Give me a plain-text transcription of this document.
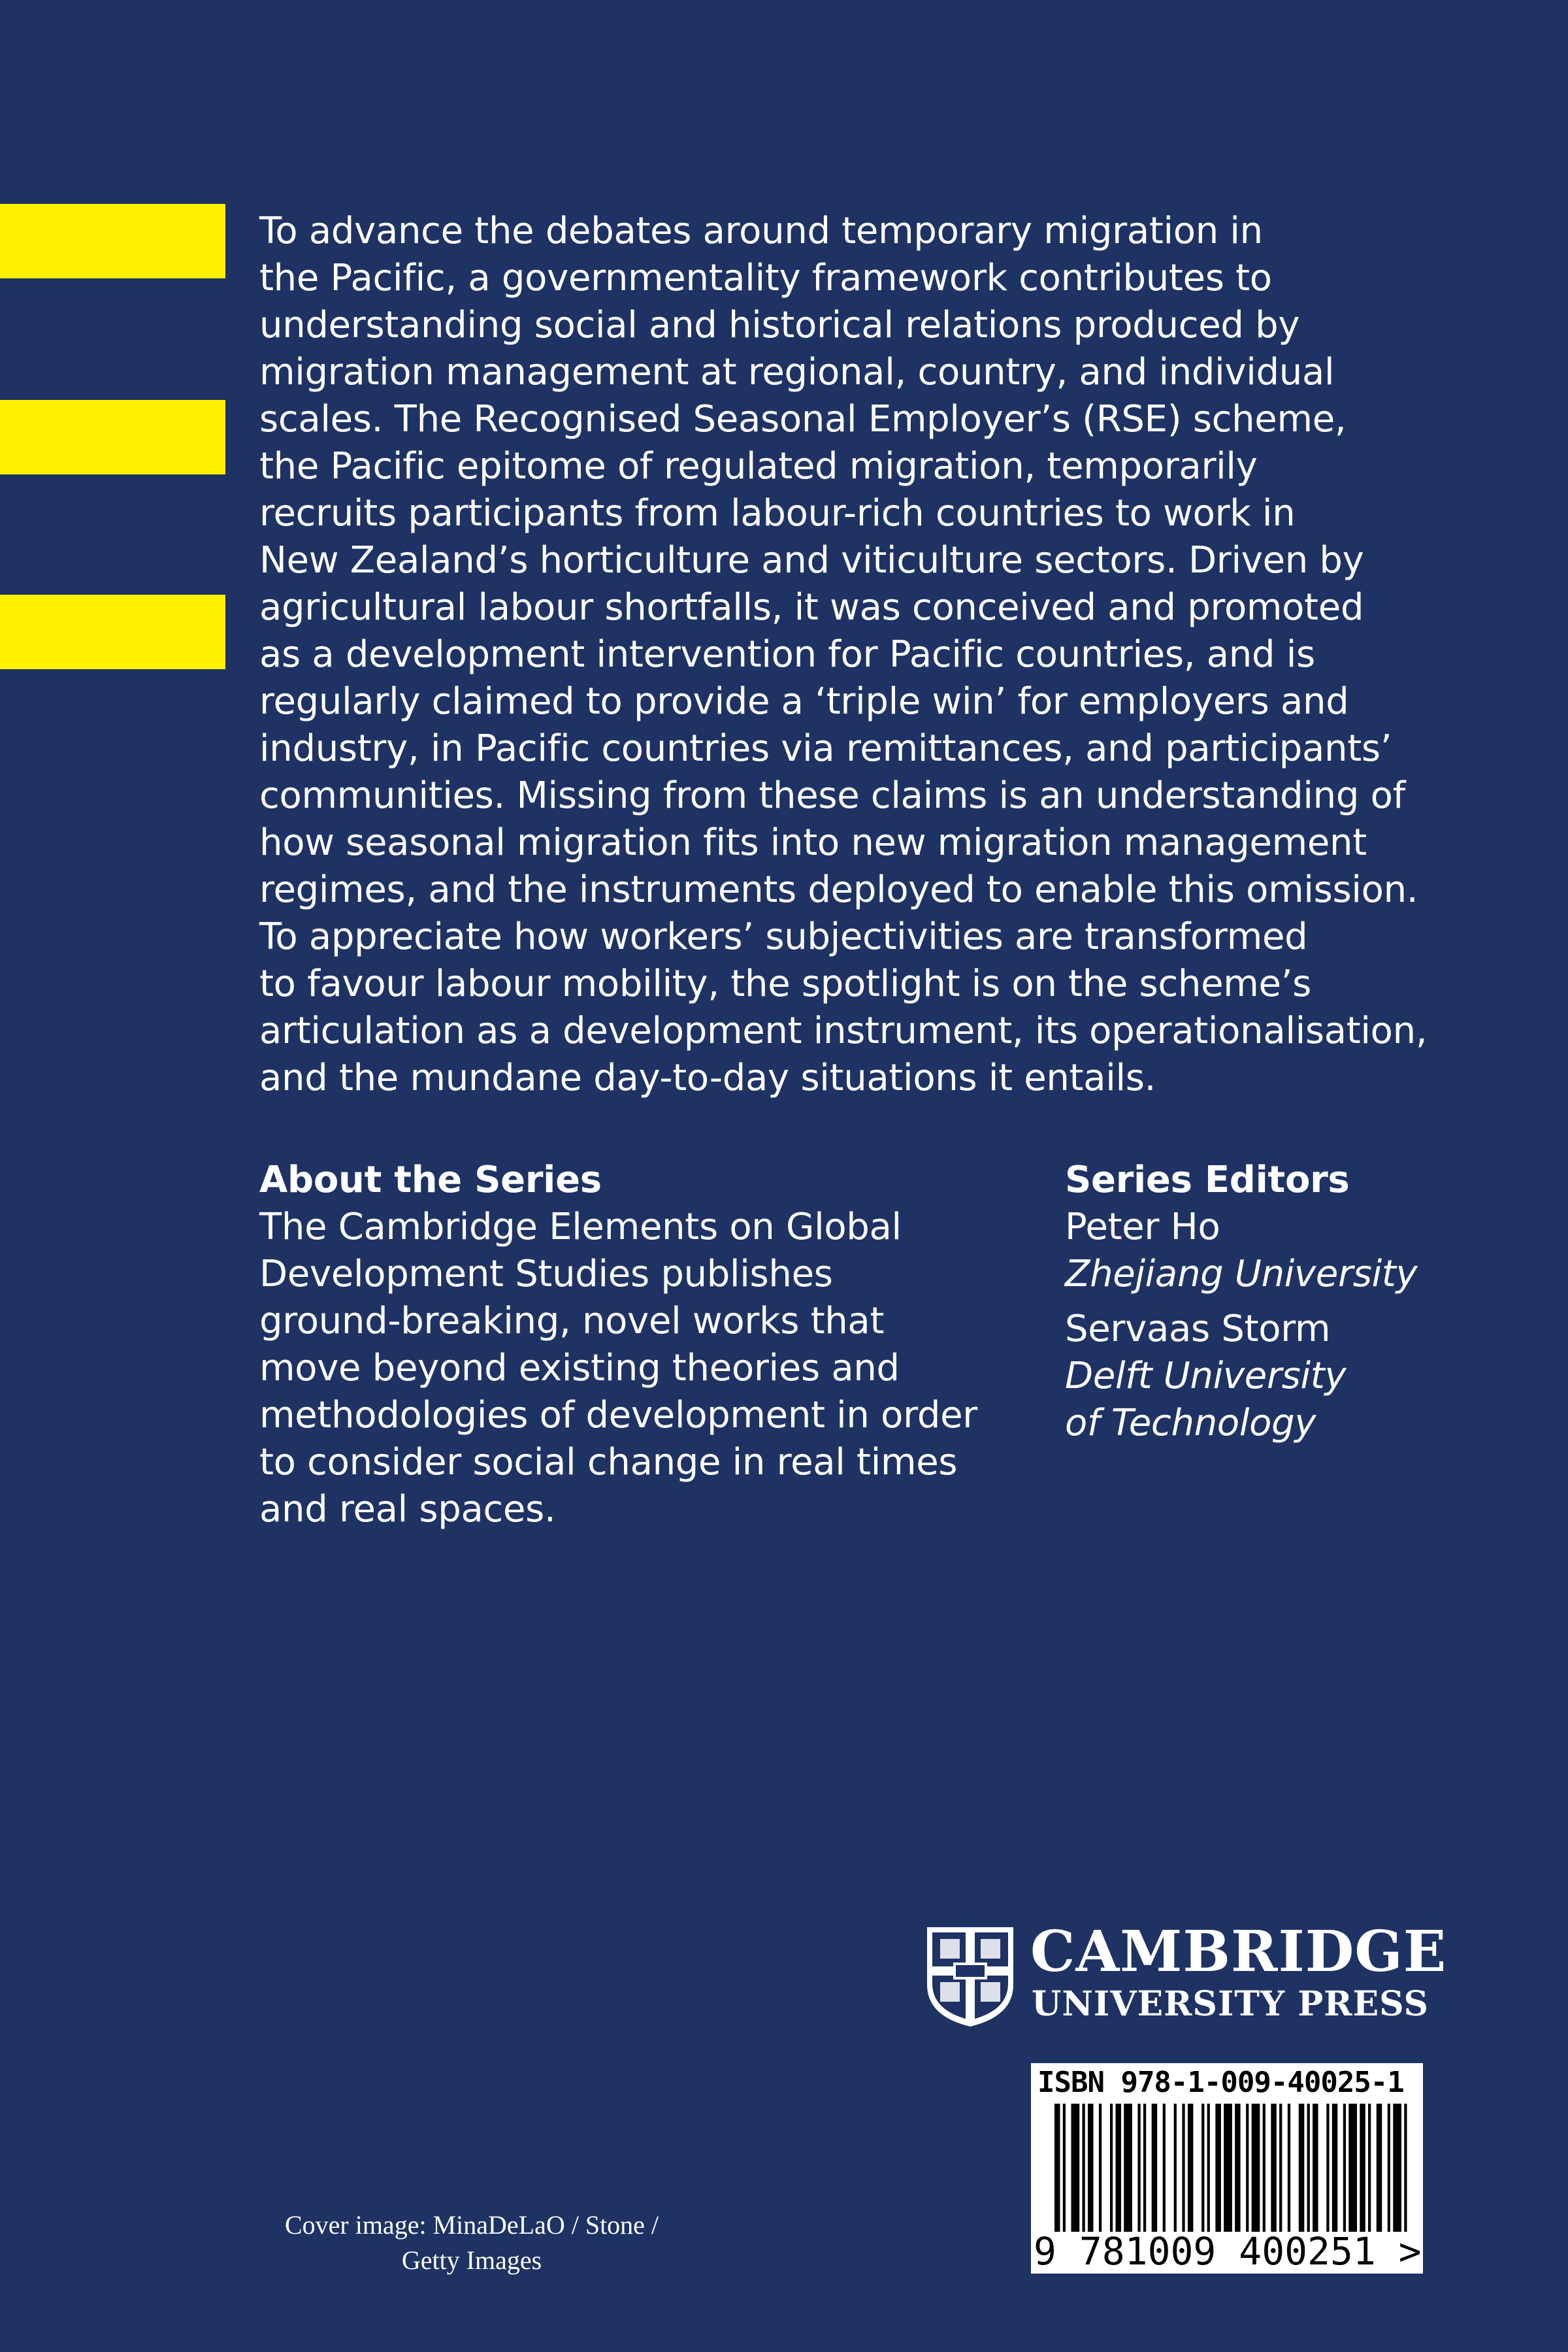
To advance the debates around temporary migration in
the Pacific, a governmentality framework contributes to
understanding social and historical relations produced by
migration management at regional, country, and individual
scales. The Recognised Seasonal Employer’s (RSE) scheme,
the Pacific epitome of regulated migration, temporarily
recruits participants from labour-rich countries to work in
New Zealand’s horticulture and viticulture sectors. Driven by
agricultural labour shortfalls, it was conceived and promoted
as a development intervention for Pacific countries, and is
regularly claimed to provide a ‘triple win’ for employers and
industry, in Pacific countries via remittances, and participants’
communities. Missing from these claims is an understanding of
how seasonal migration fits into new migration management
regimes, and the instruments deployed to enable this omission.
To appreciate how workers’ subjectivities are transformed
to favour labour mobility, the spotlight is on the scheme’s
articulation as a development instrument, its operationalisation,
and the mundane day-to-day situations it entails.
About the Series
The Cambridge Elements on Global
Development Studies publishes
ground-breaking, novel works that
move beyond existing theories and
methodologies of development in order
to consider social change in real times
and real spaces.
Series Editors
Peter Ho
Zhejiang University
Servaas Storm
Delft University
of Technology
CAMBRIDGE
UNIVERSITY PRESS
ISBN 978-1-009-40025-1
9 781009 400251 >
Cover image: MinaDeLaO / Stone /
Getty Images
